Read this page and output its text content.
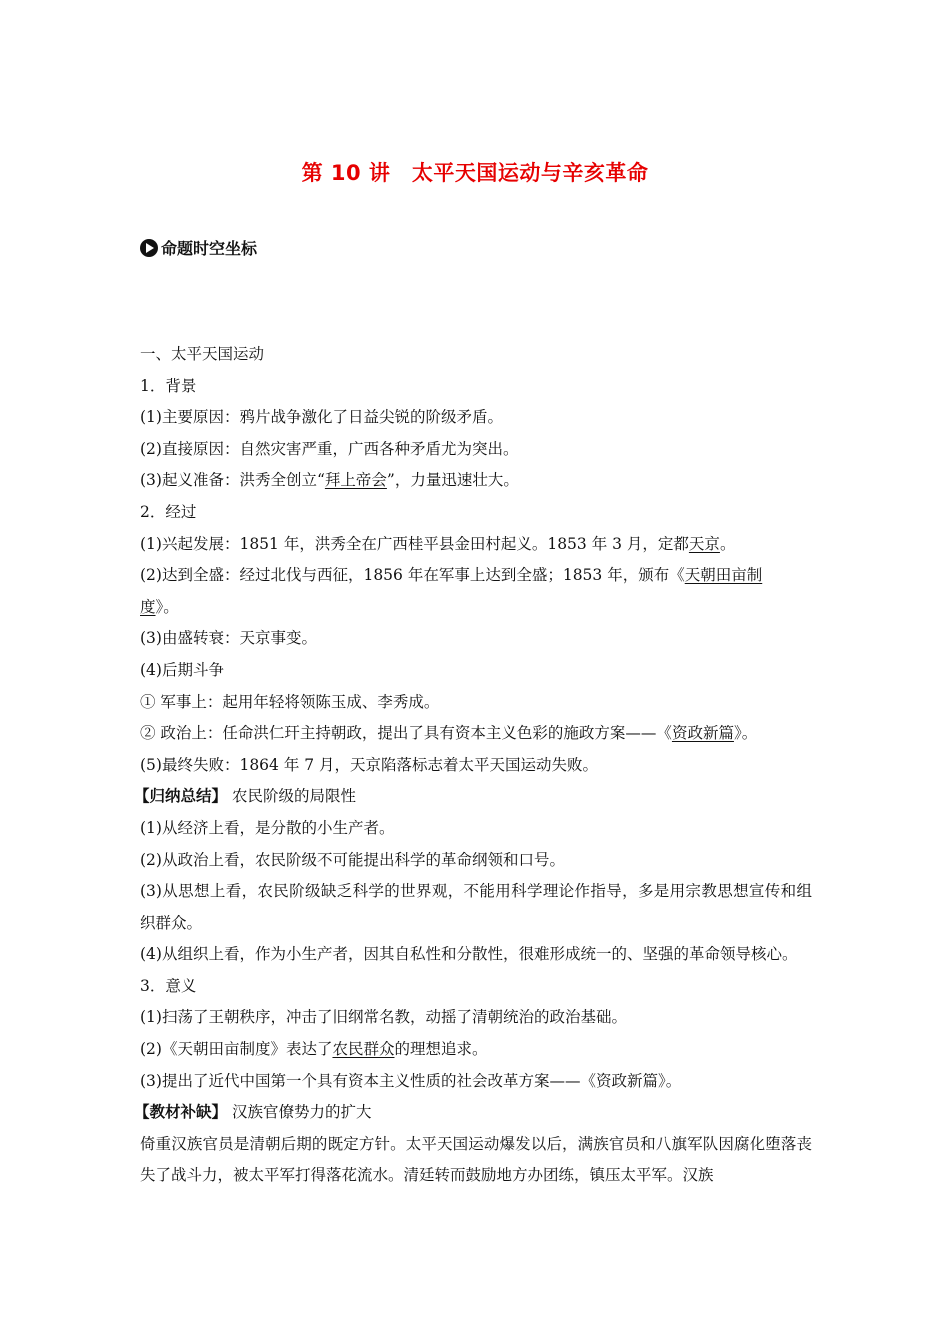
第 10 讲　太平天国运动与辛亥革命
命题时空坐标
一、太平天国运动
1．背景
(1)主要原因：鸦片战争激化了日益尖锐的阶级矛盾。
(2)直接原因：自然灾害严重，广西各种矛盾尤为突出。
(3)起义准备：洪秀全创立“拜上帝会”，力量迅速壮大。
2．经过
(1)兴起发展：1851 年，洪秀全在广西桂平县金田村起义。1853 年 3 月，定都天京。
(2)达到全盛：经过北伐与西征，1856 年在军事上达到全盛；1853 年，颁布《天朝田亩制
度》。
(3)由盛转衰：天京事变。
(4)后期斗争
① 军事上：起用年轻将领陈玉成、李秀成。
② 政治上：任命洪仁玕主持朝政，提出了具有资本主义色彩的施政方案——《资政新篇》。
(5)最终失败：1864 年 7 月，天京陷落标志着太平天国运动失败。
【归纳总结】 农民阶级的局限性
(1)从经济上看，是分散的小生产者。
(2)从政治上看，农民阶级不可能提出科学的革命纲领和口号。
(3)从思想上看，农民阶级缺乏科学的世界观，不能用科学理论作指导，多是用宗教思想宣传和组织群众。
(4)从组织上看，作为小生产者，因其自私性和分散性，很难形成统一的、坚强的革命领导核心。
3．意义
(1)扫荡了王朝秩序，冲击了旧纲常名教，动摇了清朝统治的政治基础。
(2)《天朝田亩制度》表达了农民群众的理想追求。
(3)提出了近代中国第一个具有资本主义性质的社会改革方案——《资政新篇》。
【教材补缺】 汉族官僚势力的扩大
倚重汉族官员是清朝后期的既定方针。太平天国运动爆发以后，满族官员和八旗军队因腐化堕落丧失了战斗力，被太平军打得落花流水。清廷转而鼓励地方办团练，镇压太平军。汉族
